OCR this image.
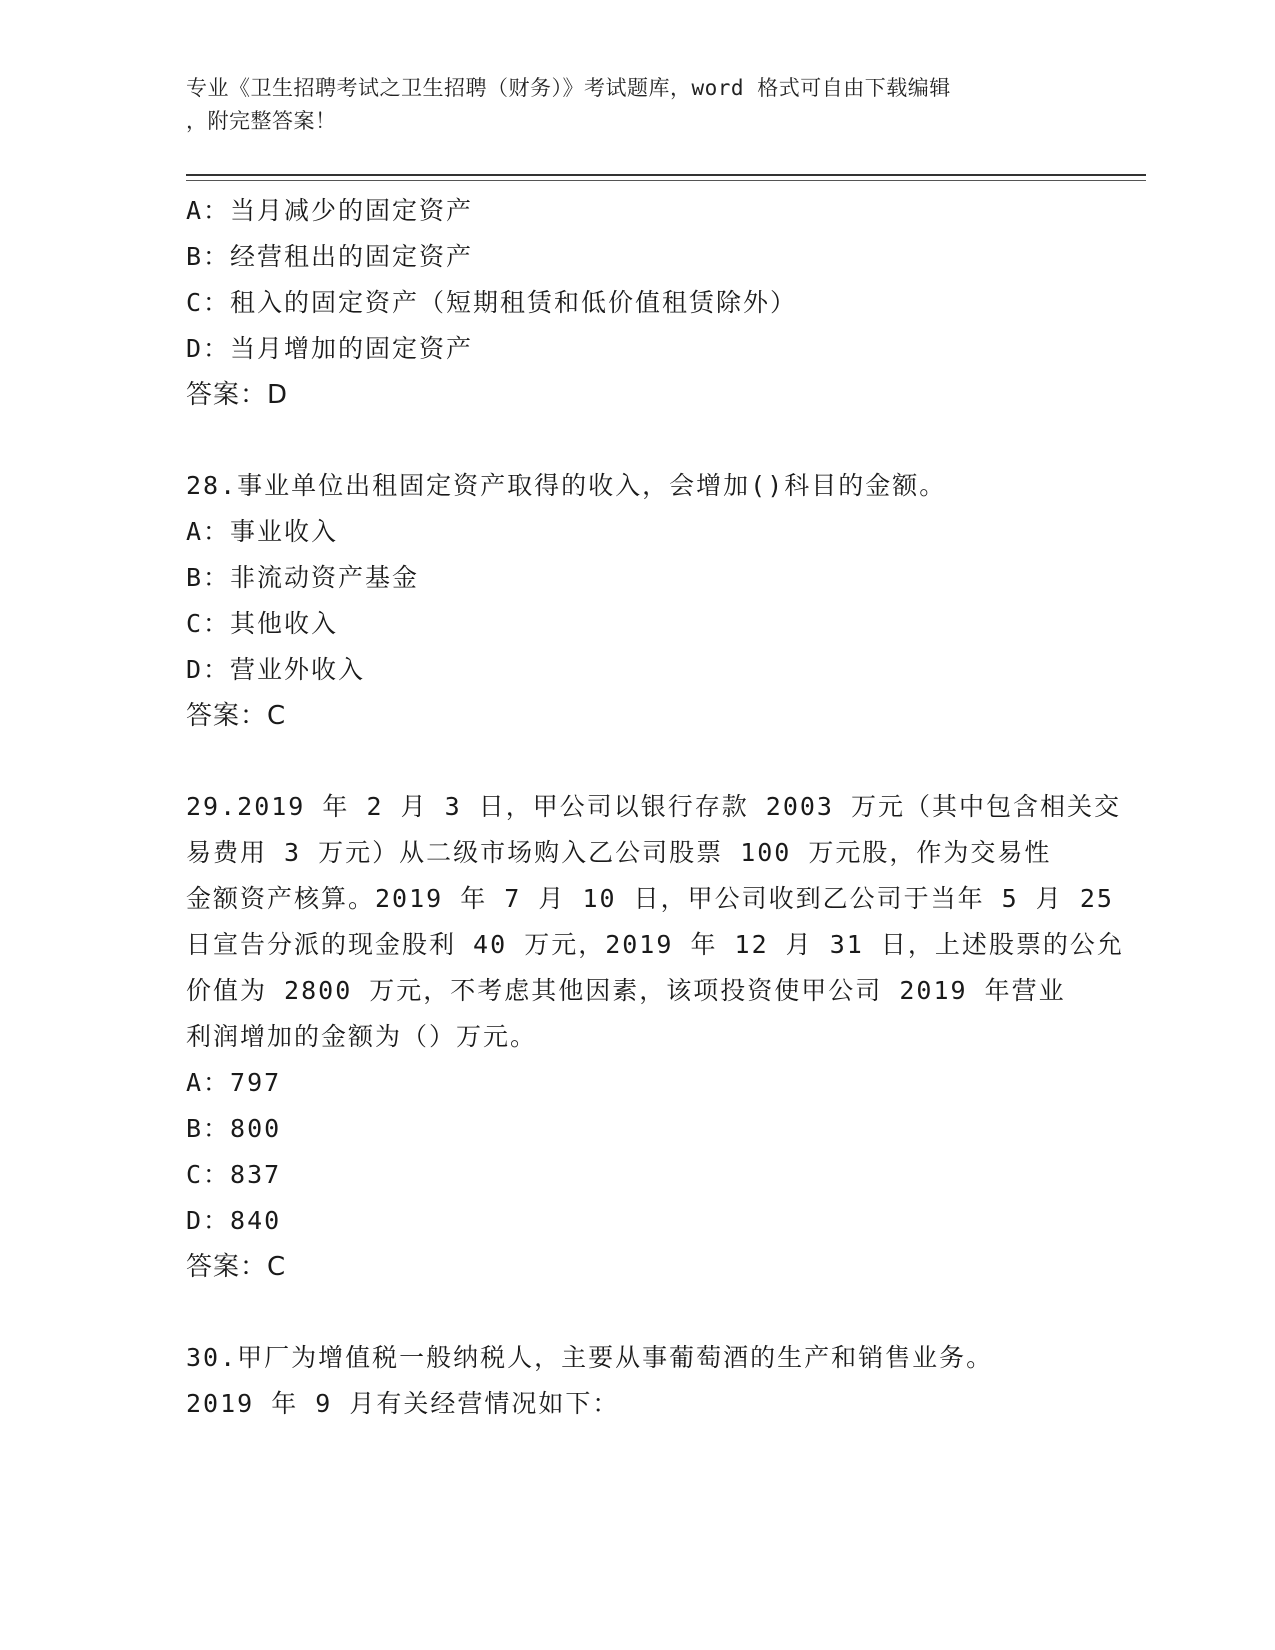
专业《卫生招聘考试之卫生招聘（财务）》考试题库，word 格式可自由下载编辑
，附完整答案！
A：当月减少的固定资产
B：经营租出的固定资产
C：租入的固定资产（短期租赁和低价值租赁除外）
D：当月增加的固定资产
答案：D
28.事业单位出租固定资产取得的收入，会增加()科目的金额。
A：事业收入
B：非流动资产基金
C：其他收入
D：营业外收入
答案：C
29.2019 年 2 月 3 日，甲公司以银行存款 2003 万元（其中包含相关交
易费用 3 万元）从二级市场购入乙公司股票 100 万元股，作为交易性
金额资产核算。2019 年 7 月 10 日，甲公司收到乙公司于当年 5 月 25
日宣告分派的现金股利 40 万元，2019 年 12 月 31 日，上述股票的公允
价值为 2800 万元，不考虑其他因素，该项投资使甲公司 2019 年营业
利润增加的金额为（）万元。
A：797
B：800
C：837
D：840
答案：C
30.甲厂为增值税一般纳税人，主要从事葡萄酒的生产和销售业务。
2019 年 9 月有关经营情况如下：
